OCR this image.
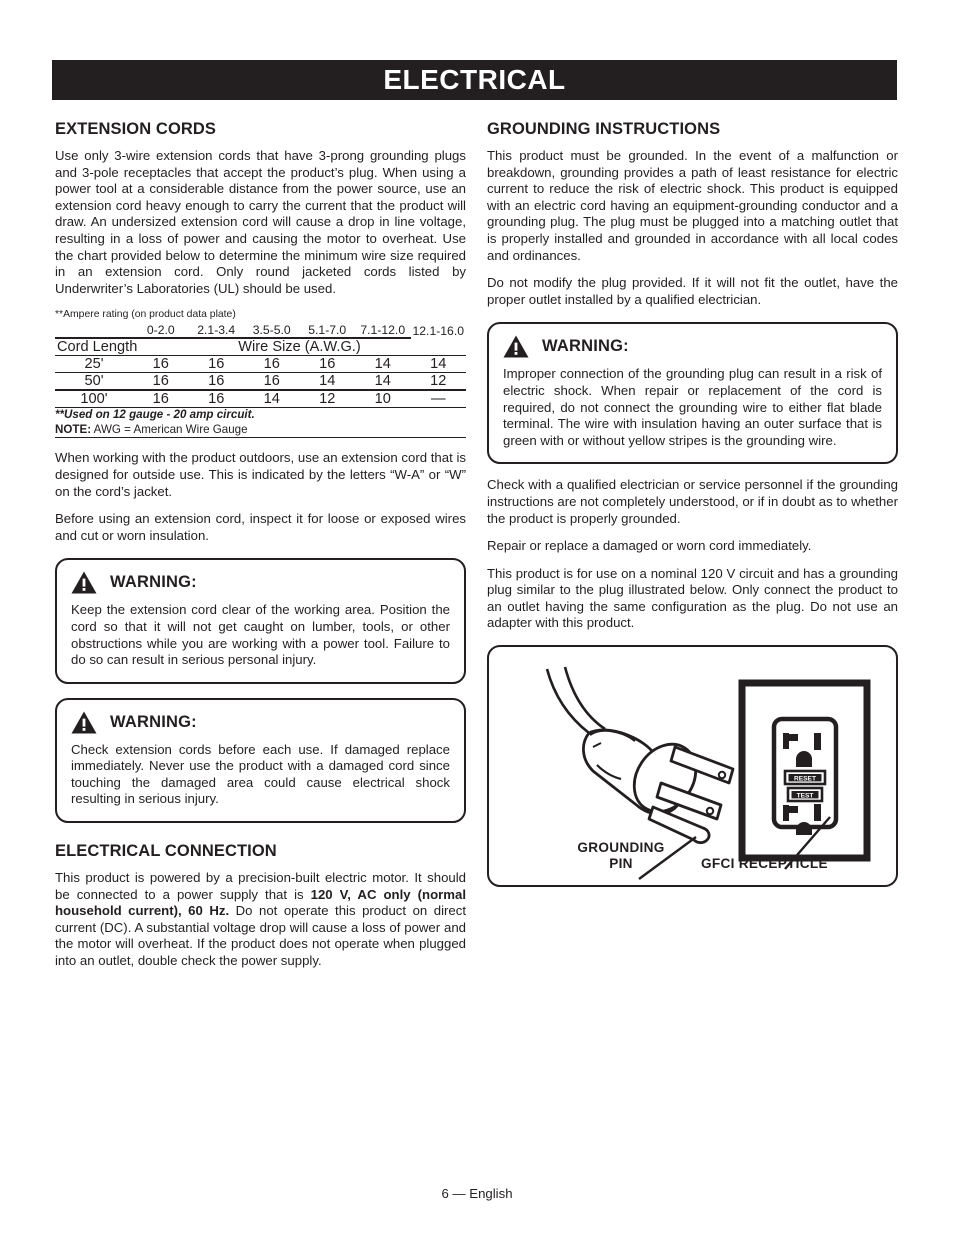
ELECTRICAL
EXTENSION CORDS

Use only 3-wire extension cords that have 3-prong grounding plugs and 3-pole receptacles that accept the product’s plug. When using a power tool at a considerable distance from the power source, use an extension cord heavy enough to carry the current that the product will draw. An undersized extension cord will cause a drop in line voltage, resulting in a loss of power and causing the motor to overheat. Use the chart provided below to determine the minimum wire size required in an extension cord. Only round jacketed cords listed by Underwriter’s Laboratories (UL) should be used.

**Ampere rating (on product data plate)
	0-2.0	2.1-3.4	3.5-5.0	5.1-7.0	7.1-12.0	12.1-16.0
Cord Length		Wire Size (A.W.G.)				
25'	16	16	16	16	14	14
50'	16	16	16	14	14	12
100'	16	16	14	12	10	—

**Used on 12 gauge - 20 amp circuit.
NOTE: AWG = American Wire Gauge						

When working with the product outdoors, use an extension cord that is designed for outside use. This is indicated by the letters “W-A” or “W” on the cord’s jacket.

Before using an extension cord, inspect it for loose or exposed wires and cut or worn insulation.

WARNING:

Keep the extension cord clear of the working area. Position the cord so that it will not get caught on lumber, tools, or other obstructions while you are working with a power tool. Failure to do so can result in serious personal injury.

WARNING:

Check extension cords before each use. If damaged replace immediately. Never use the product with a damaged cord since touching the damaged area could cause electrical shock resulting in serious injury.

ELECTRICAL CONNECTION

This product is powered by a precision-built electric motor. It should be connected to a power supply that is 120 V, AC only (normal household current), 60 Hz. Do not operate this product on direct current (DC). A substantial voltage drop will cause a loss of power and the motor will overheat. If the product does not operate when plugged into an outlet, double check the power supply.

GROUNDING INSTRUCTIONS

This product must be grounded. In the event of a malfunction or breakdown, grounding provides a path of least resistance for electric current to reduce the risk of electric shock. This product is equipped with an electric cord having an equipment-grounding conductor and a grounding plug. The plug must be plugged into a matching outlet that is properly installed and grounded in accordance with all local codes and ordinances.

Do not modify the plug provided. If it will not fit the outlet, have the proper outlet installed by a qualified electrician.

WARNING:

Improper connection of the grounding plug can result in a risk of electric shock. When repair or replacement of the cord is required, do not connect the grounding wire to either flat blade terminal. The wire with insulation having an outer surface that is green with or without yellow stripes is the grounding wire.

Check with a qualified electrician or service personnel if the grounding instructions are not completely understood, or if in doubt as to whether the product is properly grounded.

Repair or replace a damaged or worn cord immediately.

This product is for use on a nominal 120 V circuit and has a grounding plug similar to the plug illustrated below. Only connect the product to an outlet having the same configuration as the plug. Do not use an adapter with this product.

RESET
TEST
GROUNDING
PIN	GFCI RECEPTICLE
6 — English
